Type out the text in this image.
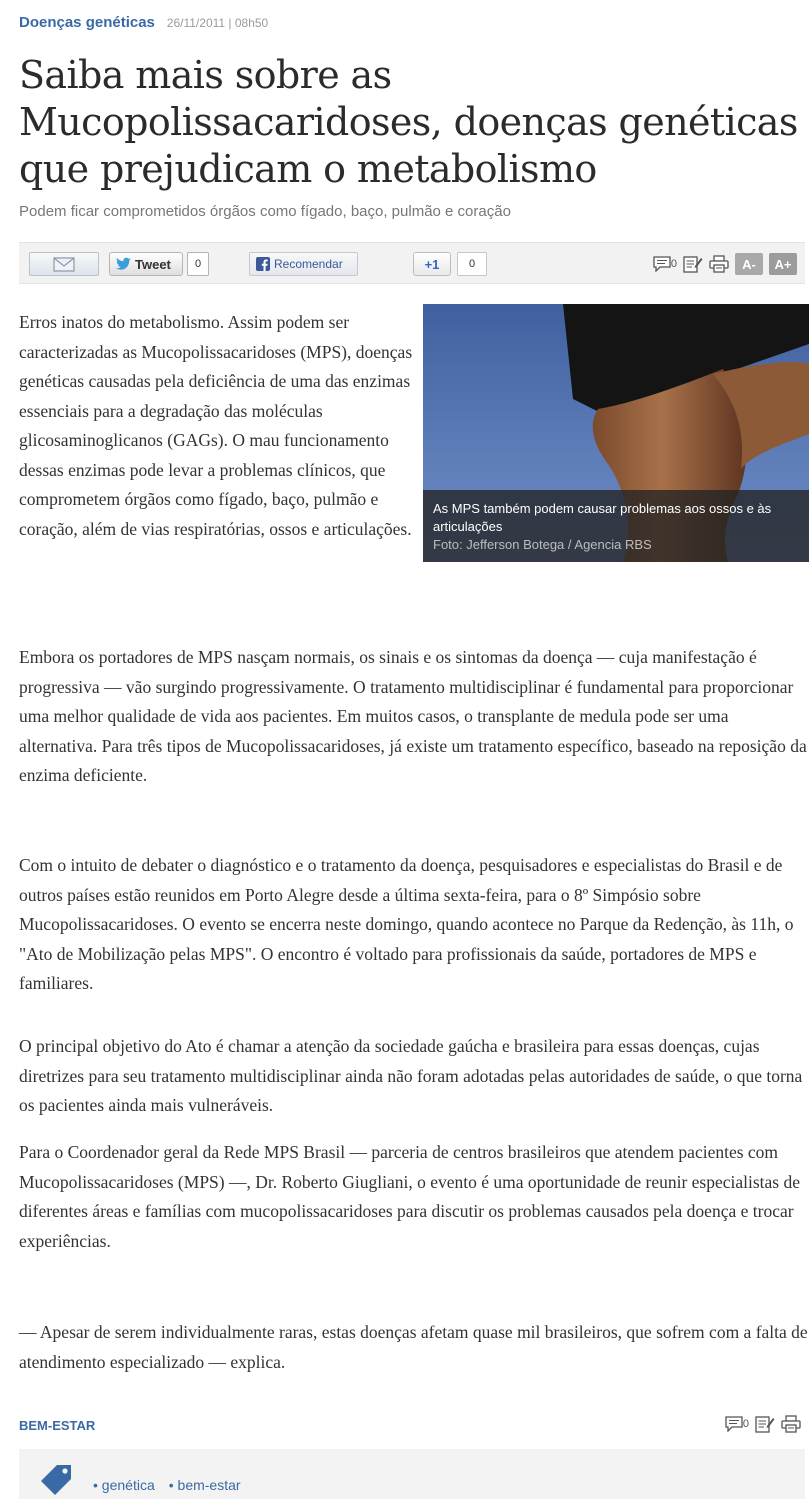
Doenças genéticas 26/11/2011 | 08h50
Saiba mais sobre as Mucopolissacaridoses, doenças genéticas que prejudicam o metabolismo
Podem ficar comprometidos órgãos como fígado, baço, pulmão e coração
Tweet	0	Recomendar	+1	0	0	A-	A+
As MPS também podem causar problemas aos ossos e às articulações
Foto: Jefferson Botega / Agencia RBS

Erros inatos do metabolismo. Assim podem ser caracterizadas as Mucopolissacaridoses (MPS), doenças genéticas causadas pela deficiência de uma das enzimas essenciais para a degradação das moléculas glicosaminoglicanos (GAGs). O mau funcionamento dessas enzimas pode levar a problemas clínicos, que comprometem órgãos como fígado, baço, pulmão e coração, além de vias respiratórias, ossos e articulações.

Embora os portadores de MPS nasçam normais, os sinais e os sintomas da doença — cuja manifestação é progressiva — vão surgindo progressivamente. O tratamento multidisciplinar é fundamental para proporcionar uma melhor qualidade de vida aos pacientes. Em muitos casos, o transplante de medula pode ser uma alternativa. Para três tipos de Mucopolissacaridoses, já existe um tratamento específico, baseado na reposição da enzima deficiente.

Com o intuito de debater o diagnóstico e o tratamento da doença, pesquisadores e especialistas do Brasil e de outros países estão reunidos em Porto Alegre desde a última sexta-feira, para o 8º Simpósio sobre Mucopolissacaridoses. O evento se encerra neste domingo, quando acontece no Parque da Redenção, às 11h, o "Ato de Mobilização pelas MPS". O encontro é voltado para profissionais da saúde, portadores de MPS e familiares.

O principal objetivo do Ato é chamar a atenção da sociedade gaúcha e brasileira para essas doenças, cujas diretrizes para seu tratamento multidisciplinar ainda não foram adotadas pelas autoridades de saúde, o que torna os pacientes ainda mais vulneráveis.

Para o Coordenador geral da Rede MPS Brasil — parceria de centros brasileiros que atendem pacientes com Mucopolissacaridoses (MPS) —, Dr. Roberto Giugliani, o evento é uma oportunidade de reunir especialistas de diferentes áreas e famílias com mucopolissacaridoses para discutir os problemas causados pela doença e trocar experiências.

— Apesar de serem individualmente raras, estas doenças afetam quase mil brasileiros, que sofrem com a falta de atendimento especializado — explica.

BEM-ESTAR	0
• genética • bem-estar
